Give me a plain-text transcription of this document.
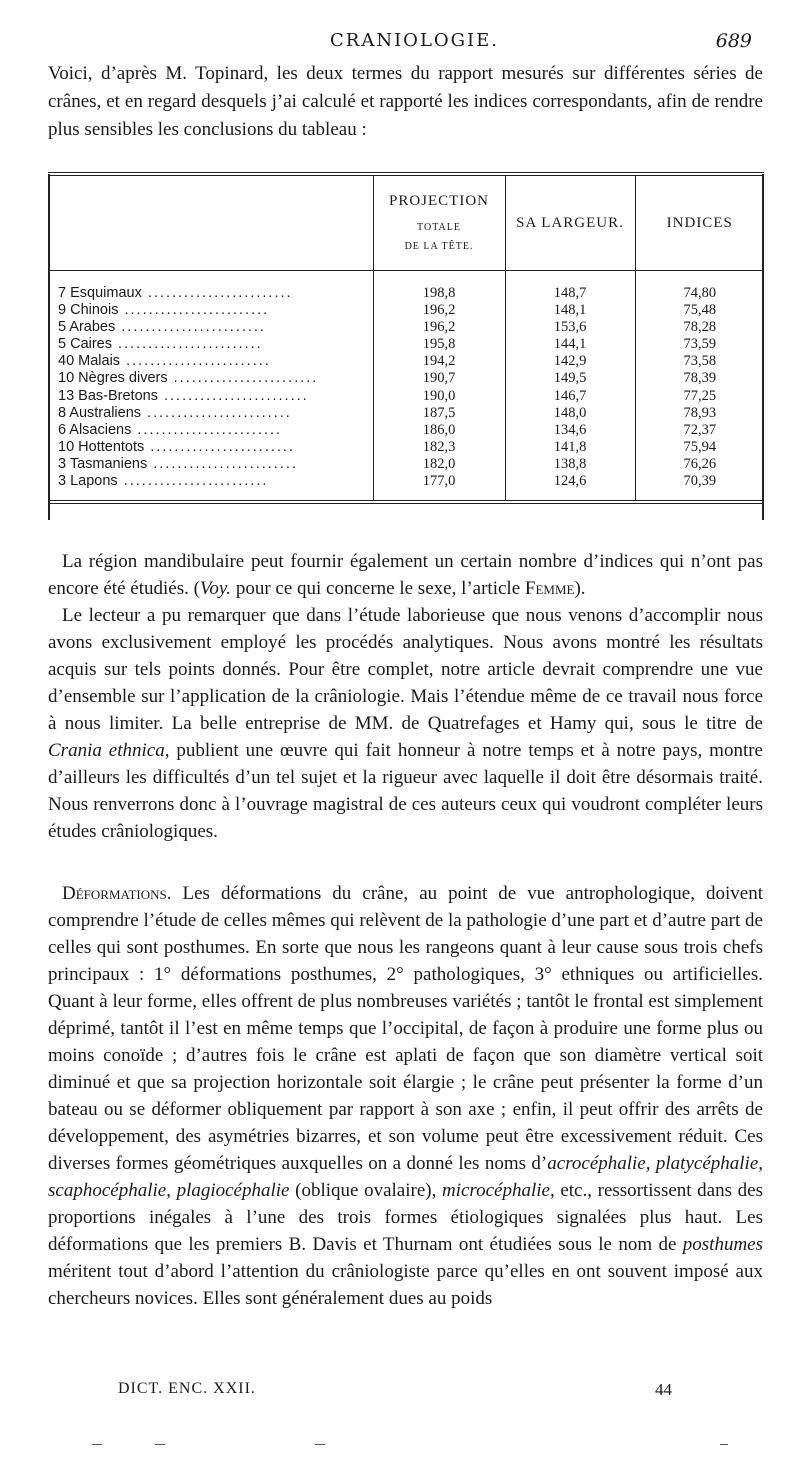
CRANIOLOGIE.	689

Voici, d’après M. Topinard, les deux termes du rapport mesurés sur différentes séries de crânes, et en regard desquels j’ai calculé et rapporté les indices correspondants, afin de rendre plus sensibles les conclusions du tableau :

	PROJECTION
TOTALE
DE LA TÊTE.	SA LARGEUR.	INDICES
7 Esquimaux ........................	198,8	148,7	74,80
9 Chinois ........................	196,2	148,1	75,48
5 Arabes ........................	196,2	153,6	78,28
5 Caires ........................	195,8	144,1	73,59
40 Malais ........................	194,2	142,9	73,58
10 Nègres divers ........................	190,7	149,5	78,39
13 Bas-Bretons ........................	190,0	146,7	77,25
8 Australiens ........................	187,5	148,0	78,93
6 Alsaciens ........................	186,0	134,6	72,37
10 Hottentots ........................	182,3	141,8	75,94
3 Tasmaniens ........................	182,0	138,8	76,26
3 Lapons ........................	177,0	124,6	70,39

La région mandibulaire peut fournir également un certain nombre d’indices qui n’ont pas encore été étudiés. (Voy. pour ce qui concerne le sexe, l’article Femme).

Le lecteur a pu remarquer que dans l’étude laborieuse que nous venons d’accomplir nous avons exclusivement employé les procédés analytiques. Nous avons montré les résultats acquis sur tels points donnés. Pour être complet, notre article devrait comprendre une vue d’ensemble sur l’application de la crâniologie. Mais l’étendue même de ce travail nous force à nous limiter. La belle entreprise de MM. de Quatrefages et Hamy qui, sous le titre de Crania ethnica, publient une œuvre qui fait honneur à notre temps et à notre pays, montre d’ailleurs les difficultés d’un tel sujet et la rigueur avec laquelle il doit être désormais traité. Nous renverrons donc à l’ouvrage magistral de ces auteurs ceux qui voudront compléter leurs études crâniologiques.

Déformations. Les déformations du crâne, au point de vue antrophologique, doivent comprendre l’étude de celles mêmes qui relèvent de la pathologie d’une part et d’autre part de celles qui sont posthumes. En sorte que nous les rangeons quant à leur cause sous trois chefs principaux : 1° déformations posthumes, 2° pathologiques, 3° ethniques ou artificielles. Quant à leur forme, elles offrent de plus nombreuses variétés ; tantôt le frontal est simplement déprimé, tantôt il l’est en même temps que l’occipital, de façon à produire une forme plus ou moins conoïde ; d’autres fois le crâne est aplati de façon que son diamètre vertical soit diminué et que sa projection horizontale soit élargie ; le crâne peut présenter la forme d’un bateau ou se déformer obliquement par rapport à son axe ; enfin, il peut offrir des arrêts de développement, des asymétries bizarres, et son volume peut être excessivement réduit. Ces diverses formes géométriques auxquelles on a donné les noms d’acrocéphalie, platycéphalie, scaphocéphalie, plagiocéphalie (oblique ovalaire), microcéphalie, etc., ressortissent dans des proportions inégales à l’une des trois formes étiologiques signalées plus haut. Les déformations que les premiers B. Davis et Thurnam ont étudiées sous le nom de posthumes méritent tout d’abord l’attention du crâniologiste parce qu’elles en ont souvent imposé aux chercheurs novices. Elles sont généralement dues au poids

DICT. ENC. XXII.	44
